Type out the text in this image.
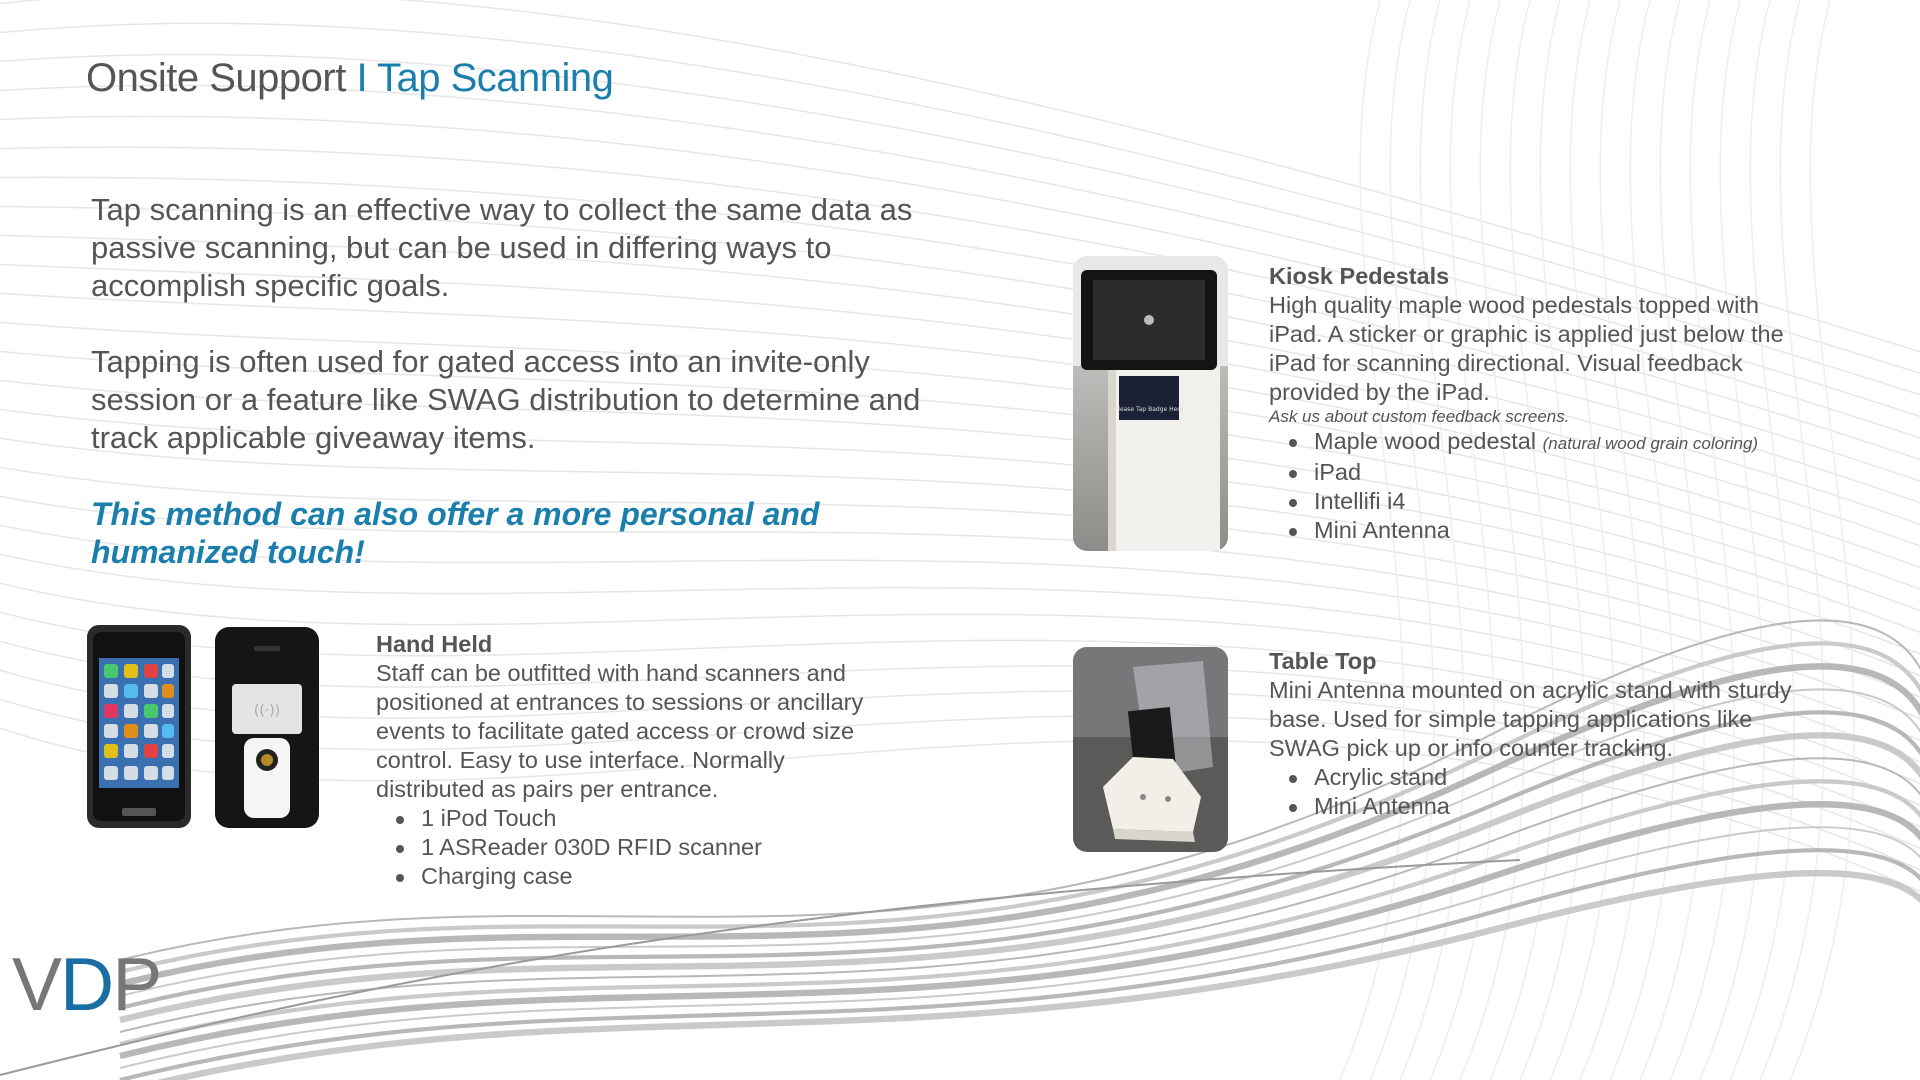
Onsite Support I Tap Scanning
Tap scanning is an effective way to collect the same data as passive scanning, but can be used in differing ways to accomplish specific goals.
Tapping is often used for gated access into an invite-only session or a feature like SWAG distribution to determine and track applicable giveaway items.
This method can also offer a more personal and humanized touch!
((·))
Hand Held

Staff can be outfitted with hand scanners and positioned at entrances to sessions or ancillary events to facilitate gated access or crowd size control. Easy to use interface. Normally distributed as pairs per entrance.

1 iPod Touch
1 ASReader 030D RFID scanner
Charging case
Please Tap Badge Here
Kiosk Pedestals

High quality maple wood pedestals topped with iPad. A sticker or graphic is applied just below the iPad for scanning directional. Visual feedback provided by the iPad.

Ask us about custom feedback screens.

Maple wood pedestal (natural wood grain coloring)
iPad
Intellifi i4
Mini Antenna
Table Top

Mini Antenna mounted on acrylic stand with sturdy base. Used for simple tapping applications like SWAG pick up or info counter tracking.

Acrylic stand
Mini Antenna
VDP
